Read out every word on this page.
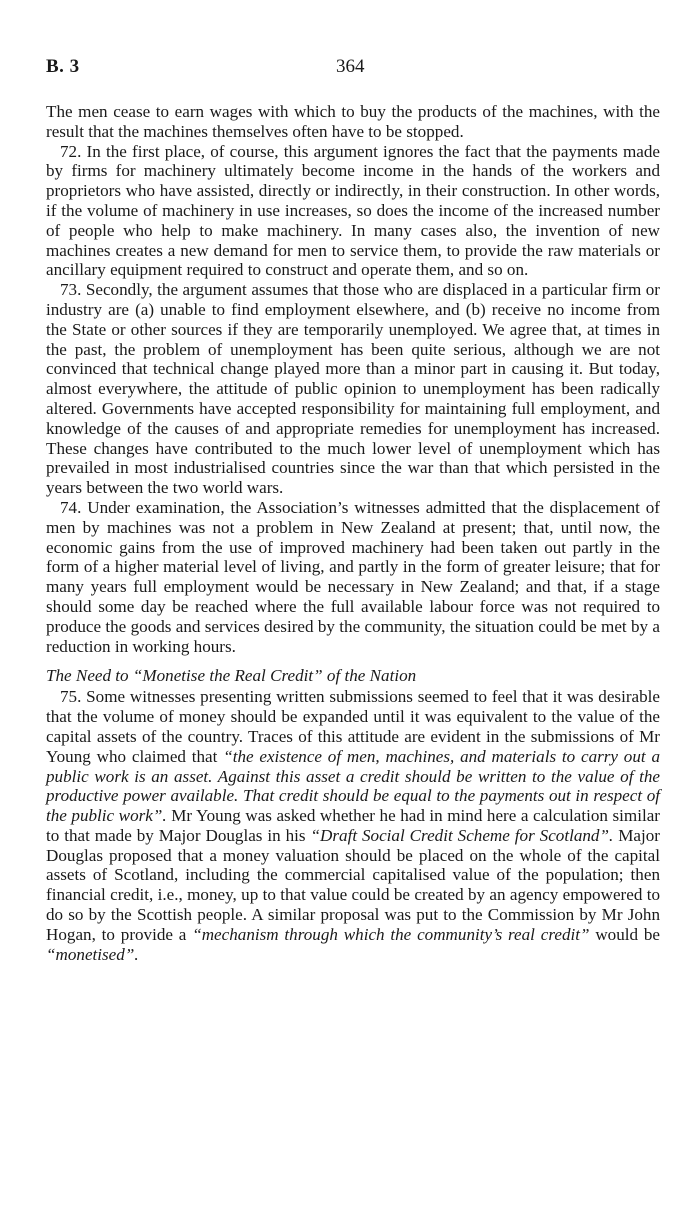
B. 3	364

The men cease to earn wages with which to buy the products of the machines, with the result that the machines themselves often have to be stopped.

72. In the first place, of course, this argument ignores the fact that the payments made by firms for machinery ultimately become income in the hands of the workers and proprietors who have assisted, directly or indirectly, in their construction. In other words, if the volume of machinery in use increases, so does the income of the increased number of people who help to make machinery. In many cases also, the invention of new machines creates a new demand for men to service them, to provide the raw materials or ancillary equipment required to construct and operate them, and so on.

73. Secondly, the argument assumes that those who are displaced in a particular firm or industry are (a) unable to find employment elsewhere, and (b) receive no income from the State or other sources if they are temporarily unemployed. We agree that, at times in the past, the problem of unemployment has been quite serious, although we are not convinced that technical change played more than a minor part in causing it. But today, almost everywhere, the attitude of public opinion to unemployment has been radically altered. Governments have accepted responsibility for maintaining full employment, and knowledge of the causes of and appropriate remedies for unemployment has increased. These changes have contributed to the much lower level of unemployment which has prevailed in most industrialised countries since the war than that which persisted in the years between the two world wars.

74. Under examination, the Association’s witnesses admitted that the displacement of men by machines was not a problem in New Zealand at present; that, until now, the economic gains from the use of improved machinery had been taken out partly in the form of a higher material level of living, and partly in the form of greater leisure; that for many years full employment would be necessary in New Zealand; and that, if a stage should some day be reached where the full available labour force was not required to produce the goods and services desired by the community, the situation could be met by a reduction in working hours.

The Need to “Monetise the Real Credit” of the Nation

75. Some witnesses presenting written submissions seemed to feel that it was desirable that the volume of money should be expanded until it was equivalent to the value of the capital assets of the country. Traces of this attitude are evident in the submissions of Mr Young who claimed that “the existence of men, machines, and materials to carry out a public work is an asset. Against this asset a credit should be written to the value of the productive power available. That credit should be equal to the payments out in respect of the public work”. Mr Young was asked whether he had in mind here a calculation similar to that made by Major Douglas in his “Draft Social Credit Scheme for Scotland”. Major Douglas proposed that a money valuation should be placed on the whole of the capital assets of Scotland, including the commercial capitalised value of the population; then financial credit, i.e., money, up to that value could be created by an agency empowered to do so by the Scottish people. A similar proposal was put to the Commission by Mr John Hogan, to provide a “mechanism through which the community’s real credit” would be “monetised”.
